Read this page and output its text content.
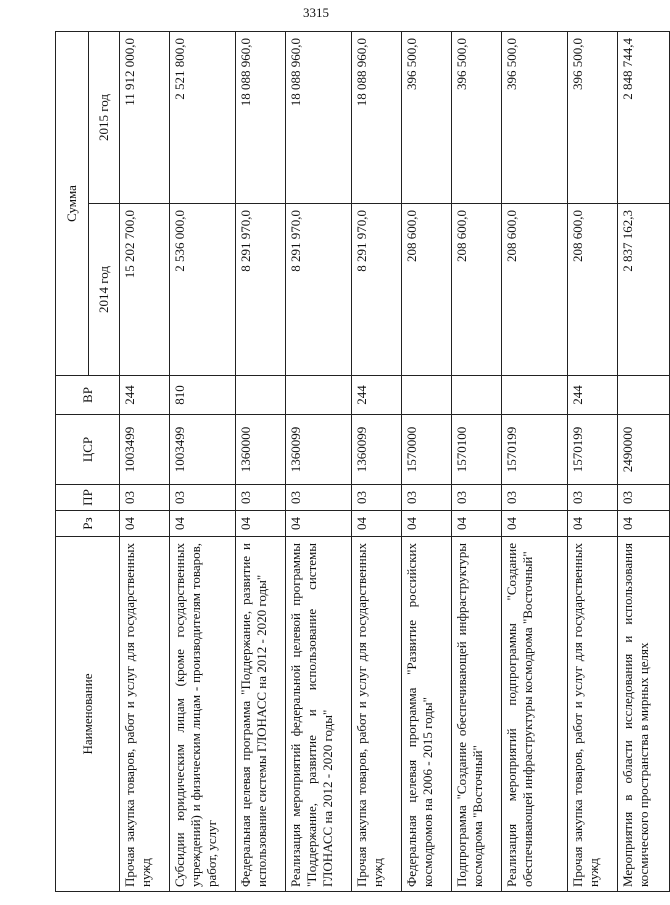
3315
Наименование	Рз	ПР	ЦСР	ВР	Сумма	
					2014 год	2015 год
Прочая закупка товаров, работ и услуг для государственных нужд	04	03	1003499	244	15 202 700,0	11 912 000,0
Субсидии юридическим лицам (кроме государственных учреждений) и физическим лицам - производителям товаров, работ, услуг	04	03	1003499	810	2 536 000,0	2 521 800,0
Федеральная целевая программа "Поддержание, развитие и использование системы ГЛОНАСС на 2012 - 2020 годы"	04	03	1360000		8 291 970,0	18 088 960,0
Реализация мероприятий федеральной целевой программы "Поддержание, развитие и использование системы ГЛОНАСС на 2012 - 2020 годы"	04	03	1360099		8 291 970,0	18 088 960,0
Прочая закупка товаров, работ и услуг для государственных нужд	04	03	1360099	244	8 291 970,0	18 088 960,0
Федеральная целевая программа "Развитие российских космодромов на 2006 - 2015 годы"	04	03	1570000		208 600,0	396 500,0
Подпрограмма "Создание обеспечивающей инфраструктуры космодрома "Восточный"	04	03	1570100		208 600,0	396 500,0
Реализация мероприятий подпрограммы "Создание обеспечивающей инфраструктуры космодрома "Восточный"	04	03	1570199		208 600,0	396 500,0
Прочая закупка товаров, работ и услуг для государственных нужд	04	03	1570199	244	208 600,0	396 500,0
Мероприятия в области исследования и использования космического пространства в мирных целях	04	03	2490000		2 837 162,3	2 848 744,4
